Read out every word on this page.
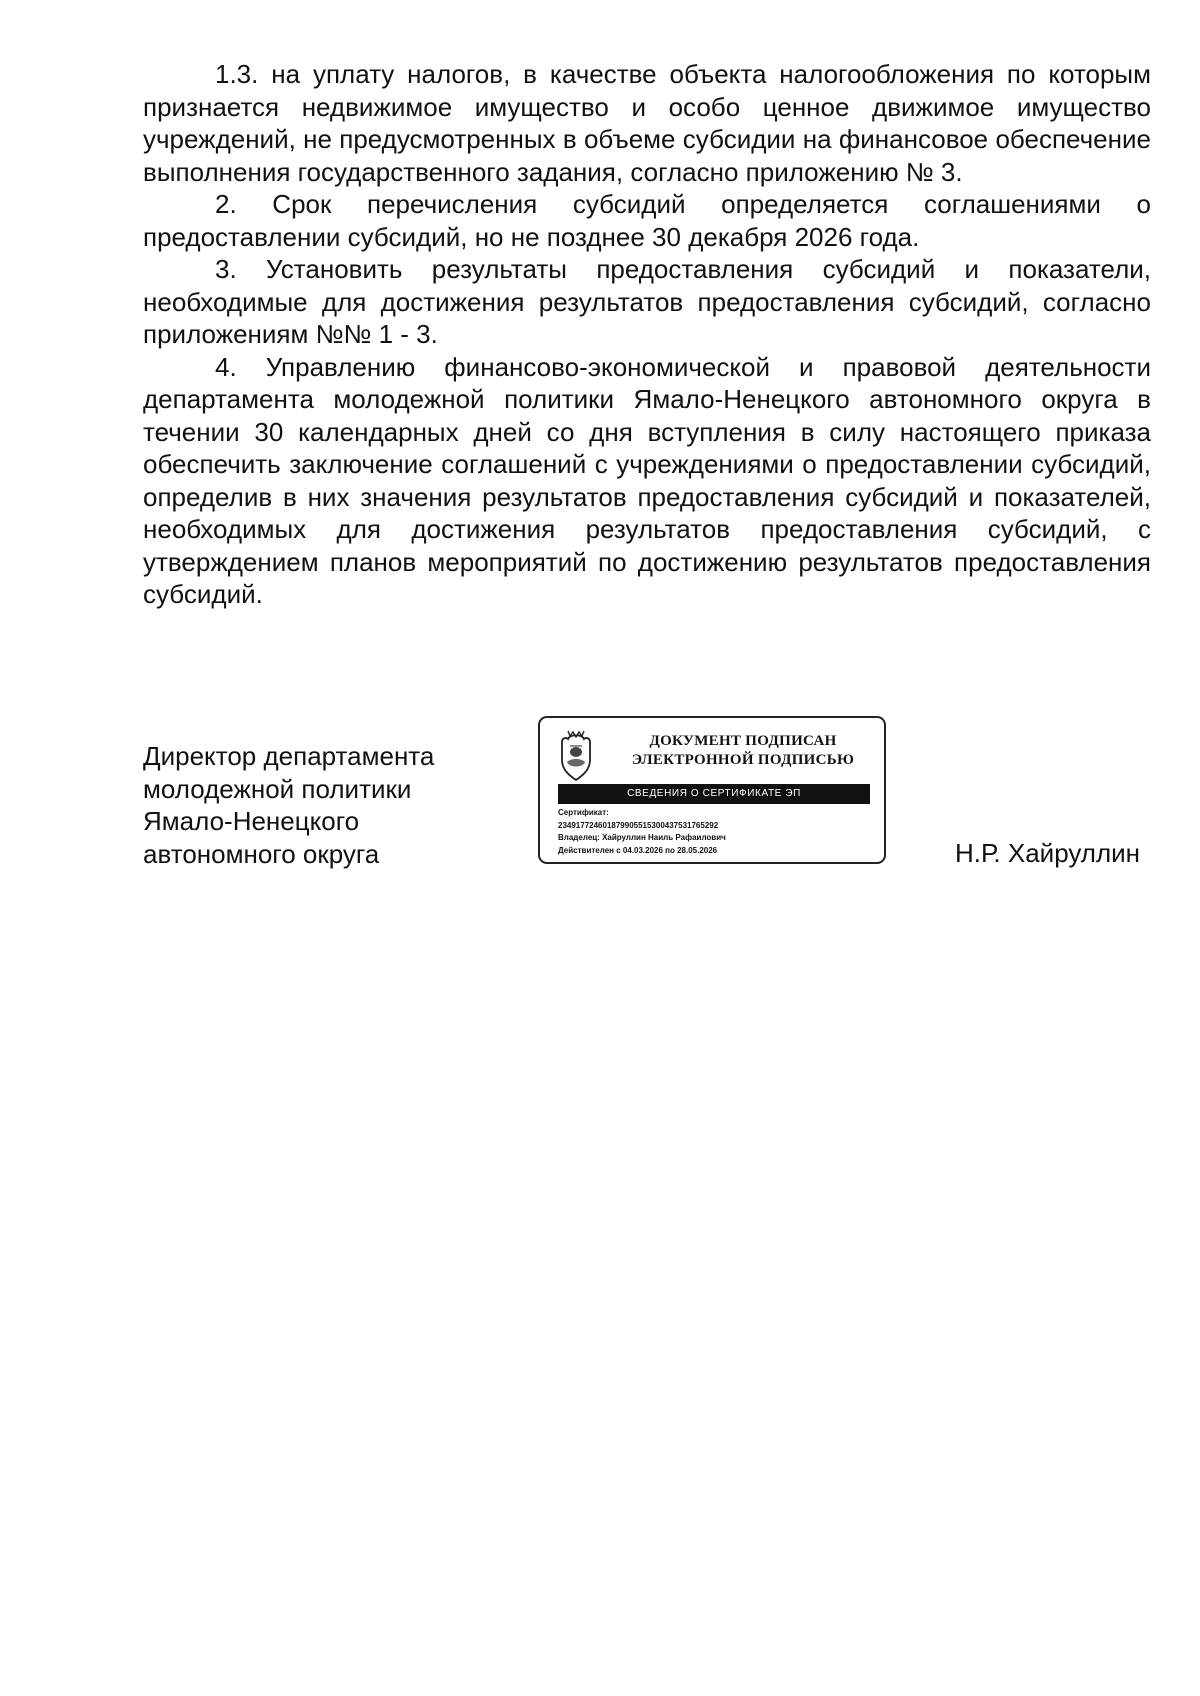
1.3. на уплату налогов, в качестве объекта налогообложения по которым признается недвижимое имущество и особо ценное движимое имущество учреждений, не предусмотренных в объеме субсидии на финансовое обеспечение выполнения государственного задания, согласно приложению № 3.

2. Срок перечисления субсидий определяется соглашениями о предоставлении субсидий, но не позднее 30 декабря 2026 года.

3. Установить результаты предоставления субсидий и показатели, необходимые для достижения результатов предоставления субсидий, согласно приложениям №№ 1 - 3.

4. Управлению финансово-экономической и правовой деятельности департамента молодежной политики Ямало-Ненецкого автономного округа в течении 30 календарных дней со дня вступления в силу настоящего приказа обеспечить заключение соглашений с учреждениями о предоставлении субсидий, определив в них значения результатов предоставления субсидий и показателей, необходимых для достижения результатов предоставления субсидий, с утверждением планов мероприятий по достижению результатов предоставления субсидий.

Директор департамента
молодежной политики
Ямало-Ненецкого
автономного округа
ДОКУМЕНТ ПОДПИСАН
ЭЛЕКТРОННОЙ ПОДПИСЬЮ
СВЕДЕНИЯ О СЕРТИФИКАТЕ ЭП
Сертификат:
234917724601879905515300437531765292
Владелец: Хайруллин Наиль Рафаилович
Действителен с 04.03.2026 по 28.05.2026	Н.Р. Хайруллин
